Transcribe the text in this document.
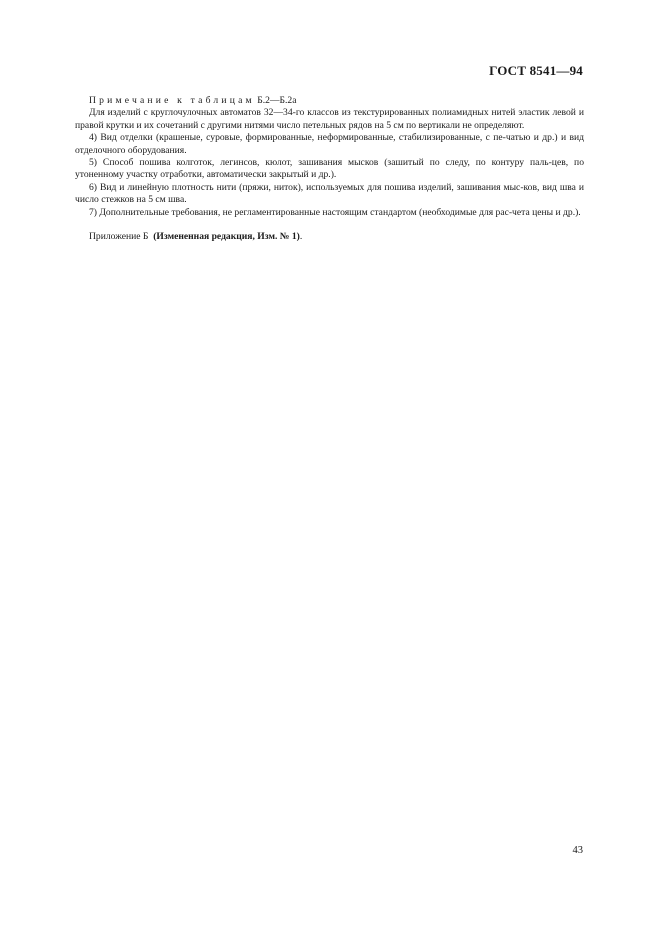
ГОСТ 8541—94

Примечание к таблицам Б.2—Б.2а

Для изделий с круглочулочных автоматов 32—34-го классов из текстурированных полиамидных нитей эластик левой и правой крутки и их сочетаний с другими нитями число петельных рядов на 5 см по вертикали не определяют.

4) Вид отделки (крашеные, суровые, формированные, неформированные, стабилизированные, с пе-чатью и др.) и вид отделочного оборудования.

5) Способ пошива колготок, легинсов, кюлот, зашивания мысков (зашитый по следу, по контуру паль-цев, по утоненному участку отработки, автоматически закрытый и др.).

6) Вид и линейную плотность нити (пряжи, ниток), используемых для пошива изделий, зашивания мыс-ков, вид шва и число стежков на 5 см шва.

7) Дополнительные требования, не регламентированные настоящим стандартом (необходимые для рас-чета цены и др.).

Приложение Б (Измененная редакция, Изм. № 1).

43
